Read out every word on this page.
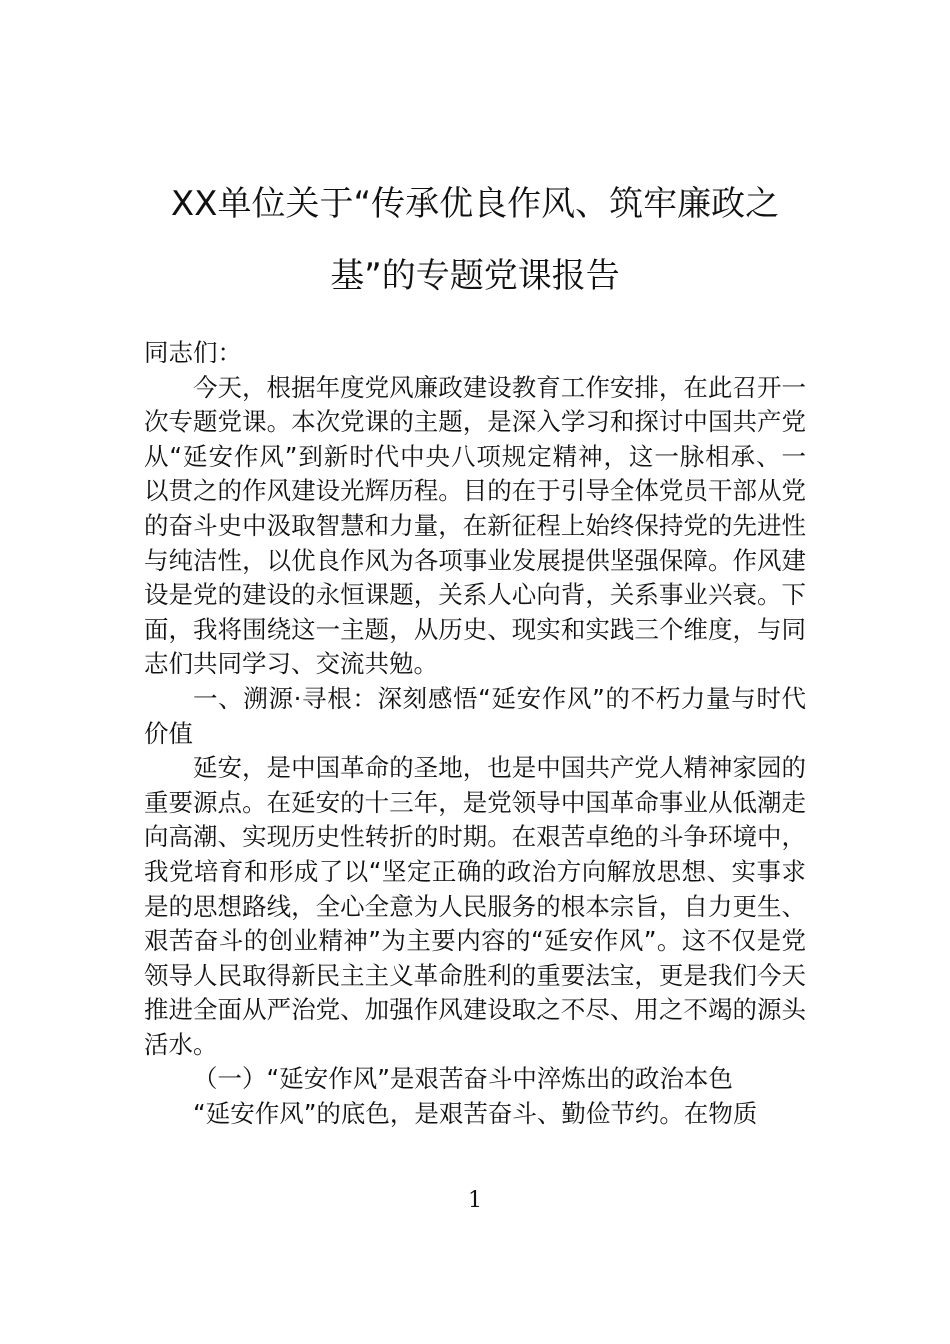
XX单位关于“传承优良作风、筑牢廉政之
基”的专题党课报告

同志们：

今天，根据年度党风廉政建设教育工作安排，在此召开一次专题党课。本次党课的主题，是深入学习和探讨中国共产党从“延安作风”到新时代中央八项规定精神，这一脉相承、一以贯之的作风建设光辉历程。目的在于引导全体党员干部从党的奋斗史中汲取智慧和力量，在新征程上始终保持党的先进性与纯洁性，以优良作风为各项事业发展提供坚强保障。作风建设是党的建设的永恒课题，关系人心向背，关系事业兴衰。下面，我将围绕这一主题，从历史、现实和实践三个维度，与同志们共同学习、交流共勉。

一、溯源·寻根：深刻感悟“延安作风”的不朽力量与时代价值

延安，是中国革命的圣地，也是中国共产党人精神家园的重要源点。在延安的十三年，是党领导中国革命事业从低潮走向高潮、实现历史性转折的时期。在艰苦卓绝的斗争环境中，我党培育和形成了以“坚定正确的政治方向解放思想、实事求是的思想路线，全心全意为人民服务的根本宗旨，自力更生、艰苦奋斗的创业精神”为主要内容的“延安作风”。这不仅是党领导人民取得新民主主义革命胜利的重要法宝，更是我们今天推进全面从严治党、加强作风建设取之不尽、用之不竭的源头活水。

（一）“延安作风”是艰苦奋斗中淬炼出的政治本色

“延安作风”的底色，是艰苦奋斗、勤俭节约。在物质

1
